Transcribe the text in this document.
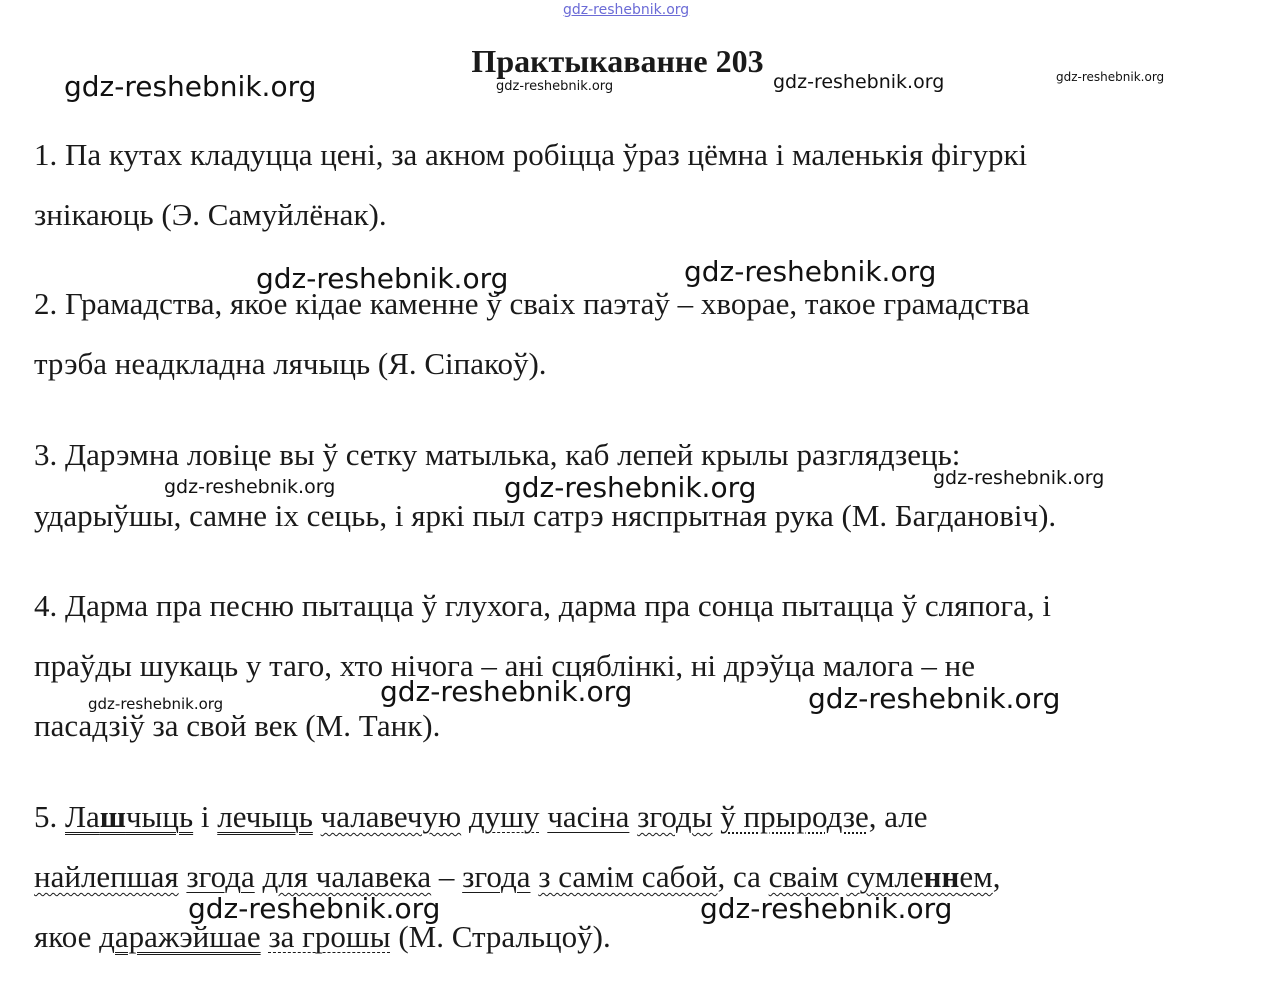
gdz-reshebnik.org
Практыкаванне 203
gdz-reshebnik.org	gdz-reshebnik.org	gdz-reshebnik.org	gdz-reshebnik.org
1. Па кутах кладуцца цені, за акном робіцца ўраз цёмна і маленькія фігуркі
знікаюць (Э. Самуйлёнак).
gdz-reshebnik.org	gdz-reshebnik.org
2. Грамадства, якое кідае каменне ў сваіх паэтаў – хворае, такое грамадства
трэба неадкладна лячыць (Я. Сіпакоў).
3. Дарэмна ловіце вы ў сетку матылька, каб лепей крылы разглядзець:
gdz-reshebnik.org	gdz-reshebnik.org	gdz-reshebnik.org
ударыўшы, самне іх сецьь, і яркі пыл сатрэ няспрытная рука (М. Багдановіч).
4. Дарма пра песню пытацца ў глухога, дарма пра сонца пытацца ў сляпога, і
праўды шукаць у таго, хто нічога – ані сцяблінкі, ні дрэўца малога – не
gdz-reshebnik.org	gdz-reshebnik.org	gdz-reshebnik.org
пасадзіў за свой век (М. Танк).
5. Лашчыць і лечыць чалавечую душу часіна згоды ў прыродзе, але
найлепшая згода для чалавека – згода з самім сабой, са сваім сумленнем,
gdz-reshebnik.org	gdz-reshebnik.org
якое даражэйшае за грошы (М. Стральцоў).
